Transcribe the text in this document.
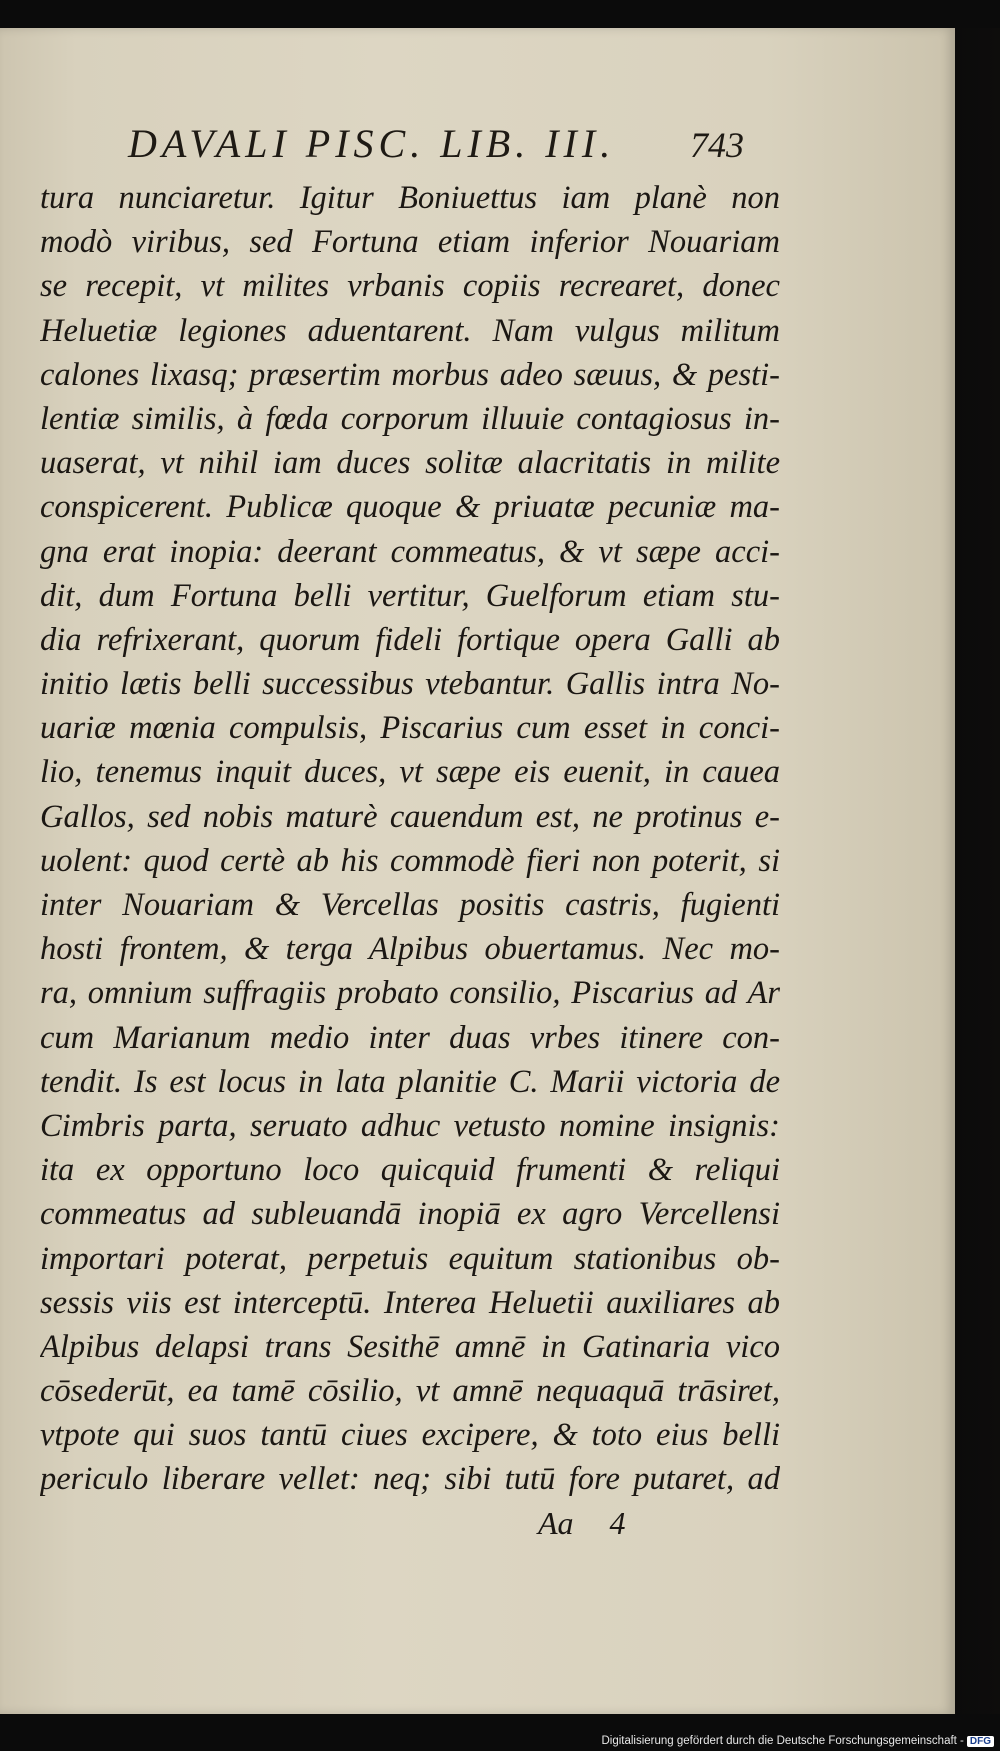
DAVALI PISC. LIB. III.	743
tura nunciaretur. Igitur Boniuettus iam planè non
modò viribus, sed Fortuna etiam inferior Nouariam
se recepit, vt milites vrbanis copiis recrearet, donec
Heluetiæ legiones aduentarent. Nam vulgus militum
calones lixasq; præsertim morbus adeo sæuus, & pesti-
lentiæ similis, à fœda corporum illuuie contagiosus in-
uaserat, vt nihil iam duces solitæ alacritatis in milite
conspicerent. Publicæ quoque & priuatæ pecuniæ ma-
gna erat inopia: deerant commeatus, & vt sæpe acci-
dit, dum Fortuna belli vertitur, Guelforum etiam stu-
dia refrixerant, quorum fideli fortique opera Galli ab
initio lætis belli successibus vtebantur. Gallis intra No-
uariæ mœnia compulsis, Piscarius cum esset in conci-
lio, tenemus inquit duces, vt sæpe eis euenit, in cauea
Gallos, sed nobis maturè cauendum est, ne protinus e-
uolent: quod certè ab his commodè fieri non poterit, si
inter Nouariam & Vercellas positis castris, fugienti
hosti frontem, & terga Alpibus obuertamus. Nec mo-
ra, omnium suffragiis probato consilio, Piscarius ad Ar
cum Marianum medio inter duas vrbes itinere con-
tendit. Is est locus in lata planitie C. Marii victoria de
Cimbris parta, seruato adhuc vetusto nomine insignis:
ita ex opportuno loco quicquid frumenti & reliqui
commeatus ad subleuandā inopiā ex agro Vercellensi
importari poterat, perpetuis equitum stationibus ob-
sessis viis est interceptū. Interea Heluetii auxiliares ab
Alpibus delapsi trans Sesithē amnē in Gatinaria vico
cōsederūt, ea tamē cōsilio, vt amnē nequaquā trāsiret,
vtpote qui suos tantū ciues excipere, & toto eius belli
periculo liberare vellet: neq; sibi tutū fore putaret, ad
Aa 4
Digitalisierung gefördert durch die Deutsche Forschungsgemeinschaft - DFG
